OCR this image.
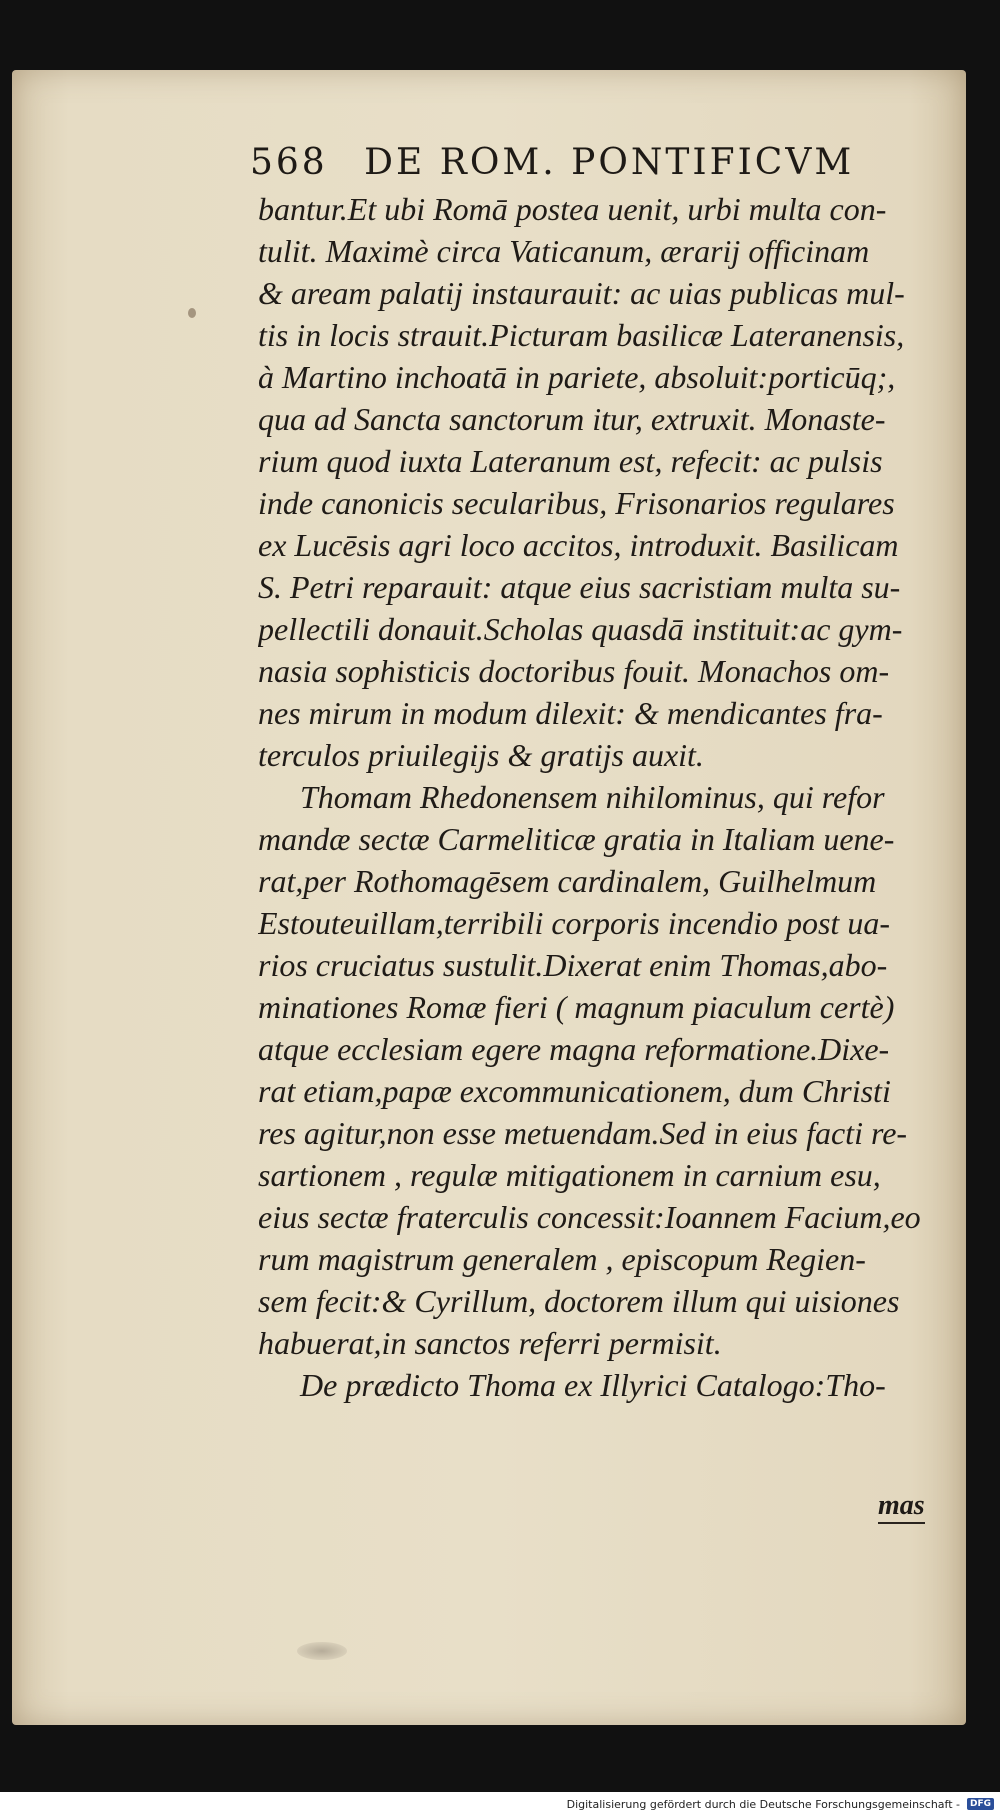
568 DE ROM. PONTIFICVM
bantur.Et ubi Romā postea uenit, urbi multa con-
tulit. Maximè circa Vaticanum, ærarij officinam
& aream palatij instaurauit: ac uias publicas mul-
tis in locis strauit.Picturam basilicæ Lateranensis,
à Martino inchoatā in pariete, absoluit:porticūq;,
qua ad Sancta sanctorum itur, extruxit. Monaste-
rium quod iuxta Lateranum est, refecit: ac pulsis
inde canonicis secularibus, Frisonarios regulares
ex Lucēsis agri loco accitos, introduxit. Basilicam
S. Petri reparauit: atque eius sacristiam multa su-
pellectili donauit.Scholas quasdā instituit:ac gym-
nasia sophisticis doctoribus fouit. Monachos om-
nes mirum in modum dilexit: & mendicantes fra-
terculos priuilegijs & gratijs auxit.
Thomam Rhedonensem nihilominus, qui refor
mandæ sectæ Carmeliticæ gratia in Italiam uene-
rat,per Rothomagēsem cardinalem, Guilhelmum
Estouteuillam,terribili corporis incendio post ua-
rios cruciatus sustulit.Dixerat enim Thomas,abo-
minationes Romæ fieri ( magnum piaculum certè)
atque ecclesiam egere magna reformatione.Dixe-
rat etiam,papæ excommunicationem, dum Christi
res agitur,non esse metuendam.Sed in eius facti re-
sartionem , regulæ mitigationem in carnium esu,
eius sectæ fraterculis concessit:Ioannem Facium,eo
rum magistrum generalem , episcopum Regien-
sem fecit:& Cyrillum, doctorem illum qui uisiones
habuerat,in sanctos referri permisit.
De prædicto Thoma ex Illyrici Catalogo:Tho-
mas
Digitalisierung gefördert durch die Deutsche Forschungsgemeinschaft -	DFG
